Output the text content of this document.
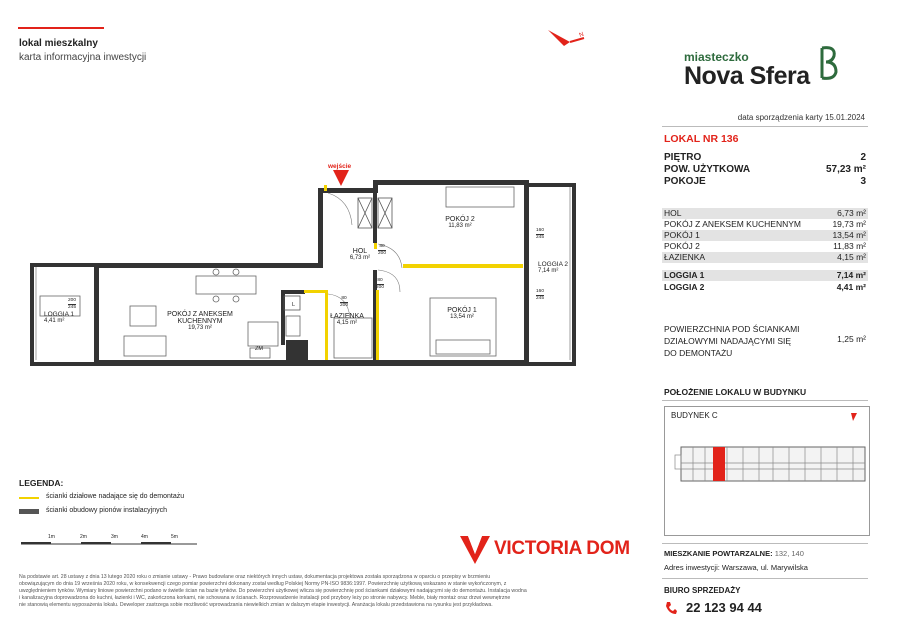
lokal mieszkalny
karta informacyjna inwestycji
N
miasteczko
Nova Sfera
data sporządzenia karty 15.01.2024
LOKAL NR 136
PIĘTRO	2
POW. UŻYTKOWA	57,23 m²
POKOJE	3
HOL	6,73 m²
POKÓJ Z ANEKSEM KUCHENNYM	19,73 m²
POKÓJ 1	13,54 m²
POKÓJ 2	11,83 m²
ŁAZIENKA	4,15 m²
LOGGIA 1	7,14 m²
LOGGIA 2	4,41 m²
POWIERZCHNIA POD ŚCIANKAMI
DZIAŁOWYMI NADAJĄCYMI SIĘ
DO DEMONTAŻU
1,25 m²
POŁOŻENIE LOKALU W BUDYNKU
BUDYNEK C
MIESZKANIE POWTARZALNE: 132, 140
Adres inwestycji: Warszawa, ul. Marywilska
BIURO SPRZEDAŻY
22 123 94 44
VICTORIA DOM
Na podstawie art. 28 ustawy z dnia 13 lutego 2020 roku o zmianie ustawy - Prawo budowlane oraz niektórych innych ustaw, dokumentacja projektowa została sporządzona w oparciu o przepisy w brzmieniu
obowiązującym do dnia 19 września 2020 roku, w konsekwencji czego pomiar powierzchni dokonany został według Polskiej Normy PN-ISO 9836:1997. Powierzchnię użytkową wskazano w stanie wykończonym, z
uwzględnieniem tynków. Wymiary liniowe powierzchni podano w świetle ścian na bazie tynków. Do powierzchni użytkowej wlicza się powierzchnię pod ściankami działowymi nadającymi się do demontażu. Instalacja wodna
i kanalizacyjna doprowadzona do kuchni, łazienki i WC, zakończona korkami, nie schowana w ścianach. Rozprowadzenie instalacji pod przybory leży po stronie nabywcy. Meble, biały montaż oraz drzwi wewnętrzne
nie stanowią elementu wyposażenia lokalu. Deweloper zastrzega sobie możliwość wprowadzania niewielkich zmian w dalszym etapie inwestycji. Aranżacja lokalu przedstawiona na rysunku jest przykładowa.
LEGENDA:
ścianki działowe nadające się do demontażu
ścianki obudowy pionów instalacyjnych
1m	2m	3m	4m	5m
wejście
HOL
6,73 m²
POKÓJ 2
11,83 m²
POKÓJ 1
13,54 m²
POKÓJ Z ANEKSEM
KUCHENNYM
19,73 m²
ŁAZIENKA
4,15 m²
LOGGIA 1
4,41 m²
LOGGIA 2
7,14 m²
ZM
L
80
200
80
200
80
200
200
245
160
245
160
245
